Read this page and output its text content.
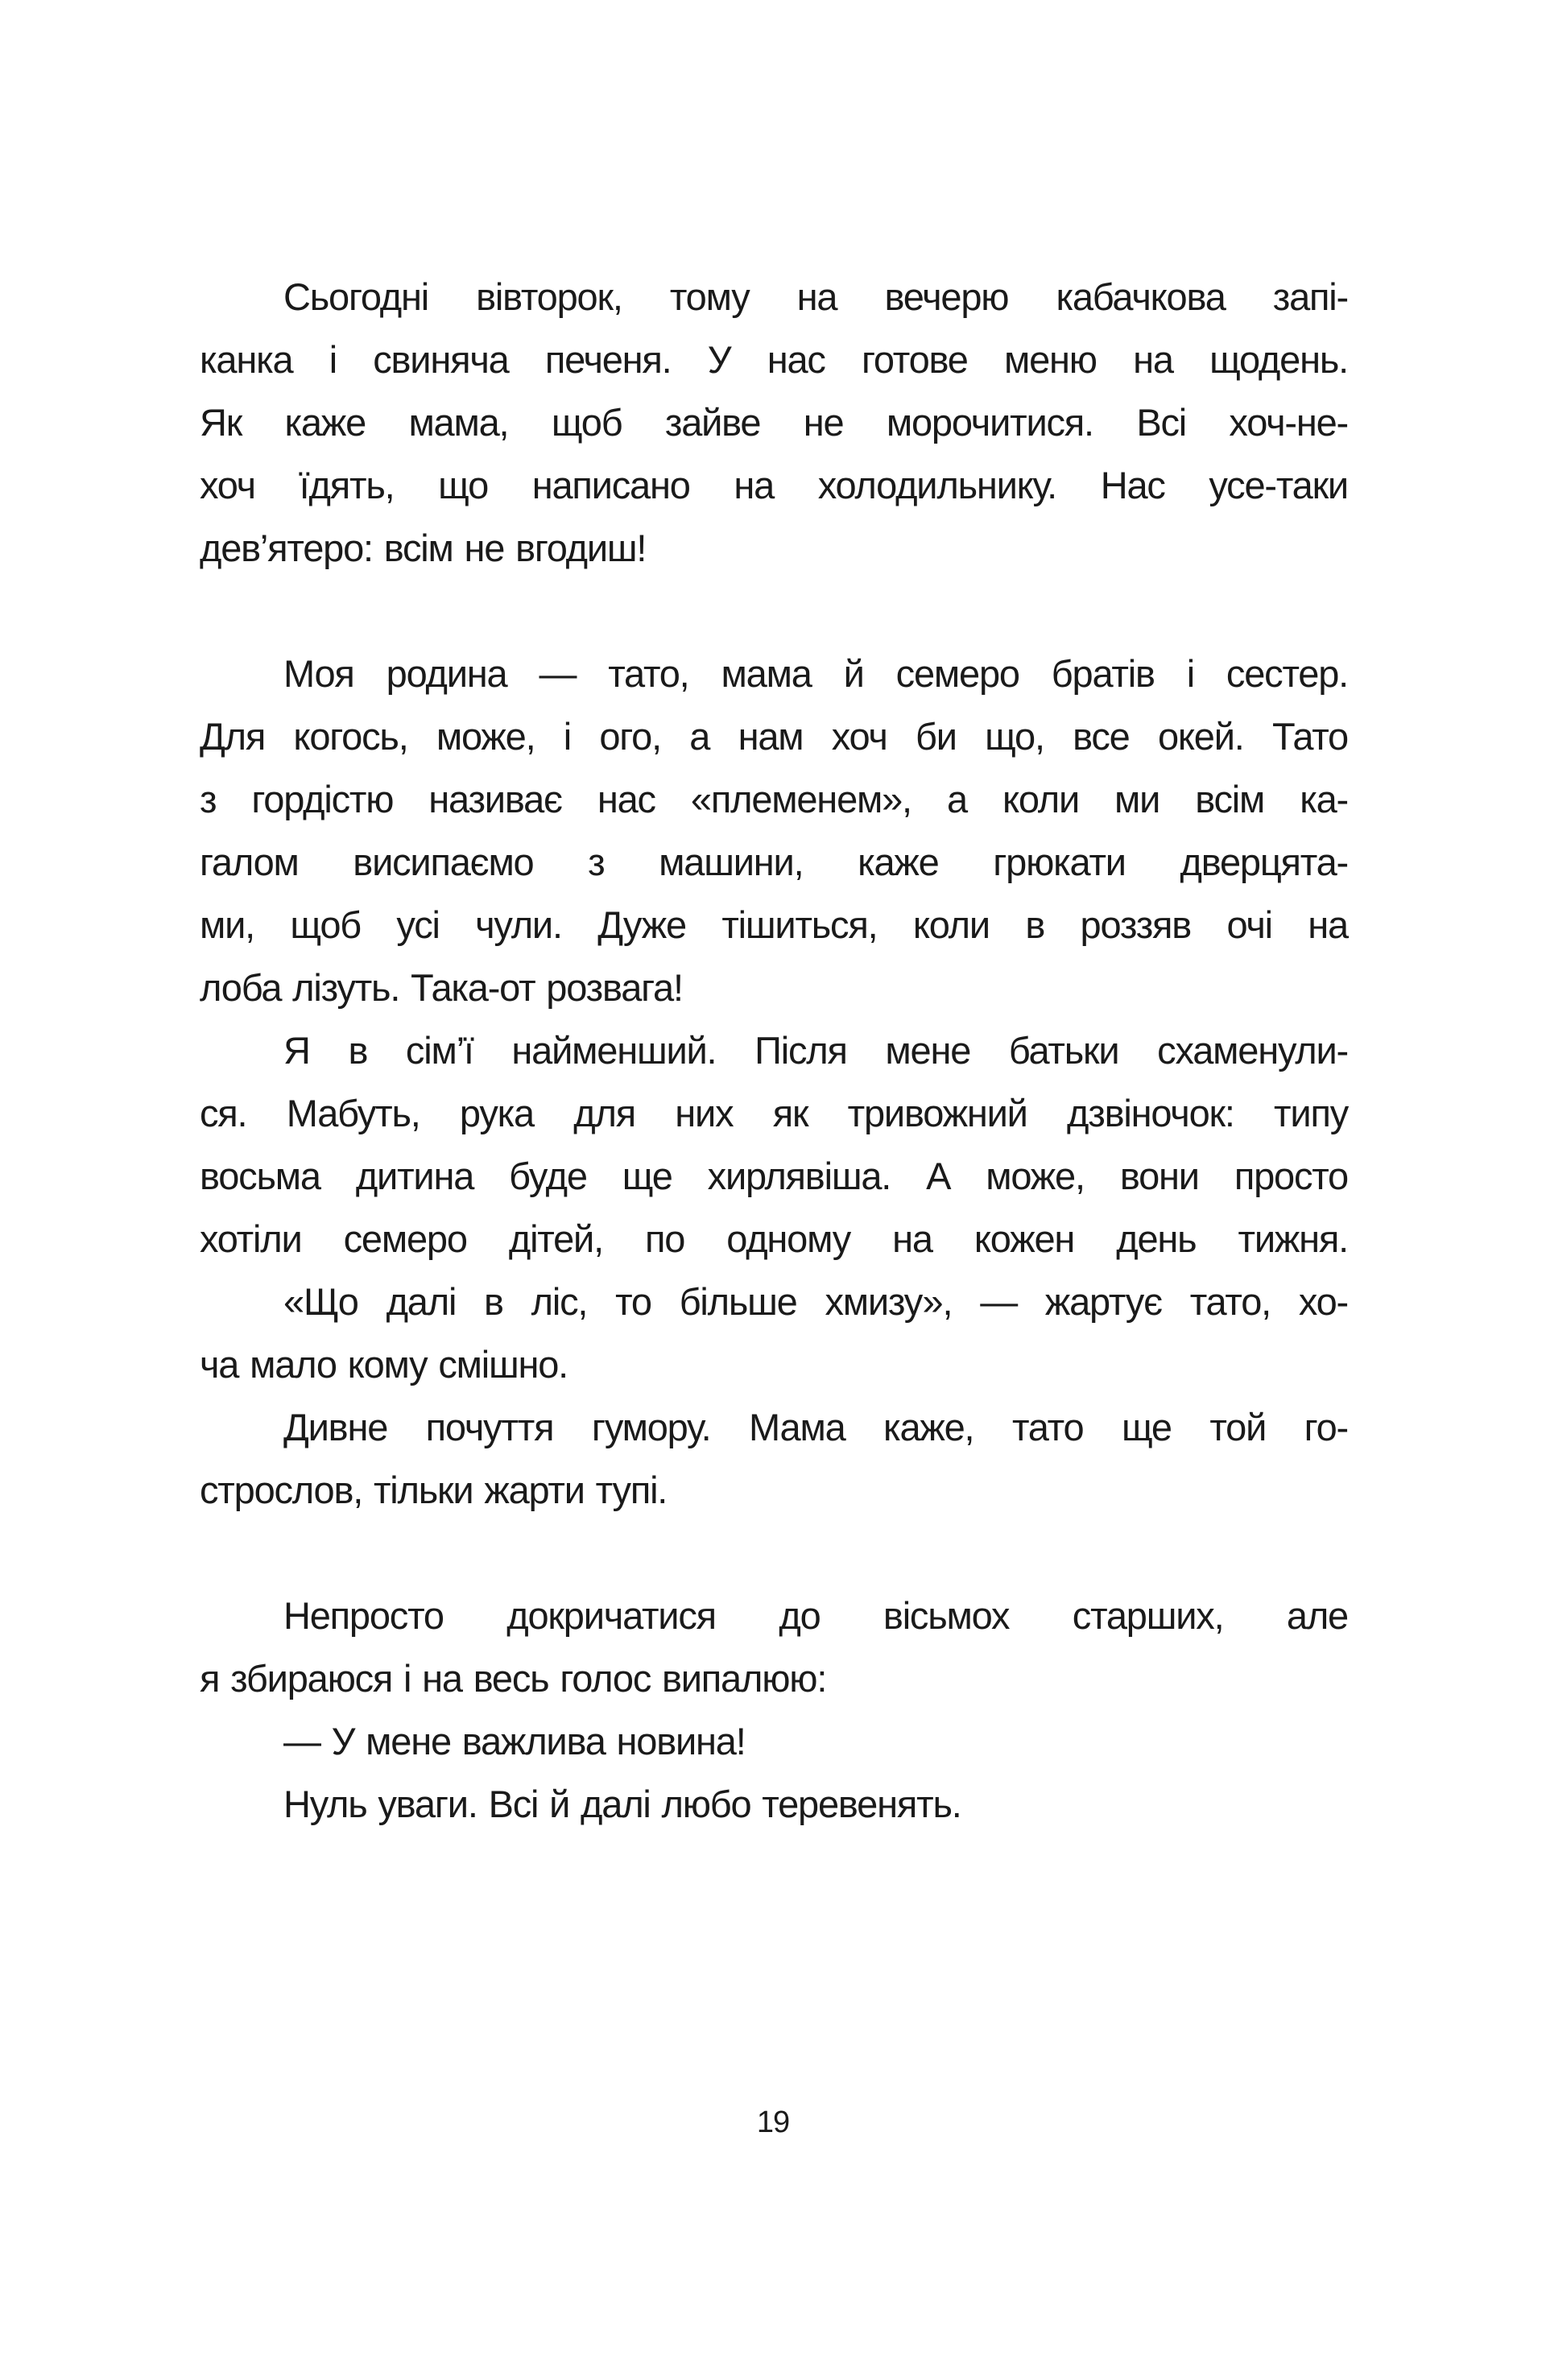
Сьогодні вівторок, тому на вечерю кабачкова запі-
канка і свиняча печеня. У нас готове меню на щодень.
Як каже мама, щоб зайве не морочитися. Всі хоч-не-
хоч їдять, що написано на холодильнику. Нас усе-таки
дев’ятеро: всім не вгодиш!
Моя родина — тато, мама й семеро братів і сестер.
Для когось, може, і ого, а нам хоч би що, все окей. Тато
з гордістю називає нас «племенем», а коли ми всім ка-
галом висипаємо з машини, каже грюкати дверцята-
ми, щоб усі чули. Дуже тішиться, коли в роззяв очі на
лоба лізуть. Така-от розвага!
Я в сім’ї найменший. Після мене батьки схаменули-
ся. Мабуть, рука для них як тривожний дзвіночок: типу
восьма дитина буде ще хирлявіша. А може, вони просто
хотіли семеро дітей, по одному на кожен день тижня.
«Що далі в ліс, то більше хмизу», — жартує тато, хо-
ча мало кому смішно.
Дивне почуття гумору. Мама каже, тато ще той го-
строслов, тільки жарти тупі.
Непросто докричатися до вісьмох старших, але
я збираюся і на весь голос випалюю:
— У мене важлива новина!
Нуль уваги. Всі й далі любо теревенять.
19
